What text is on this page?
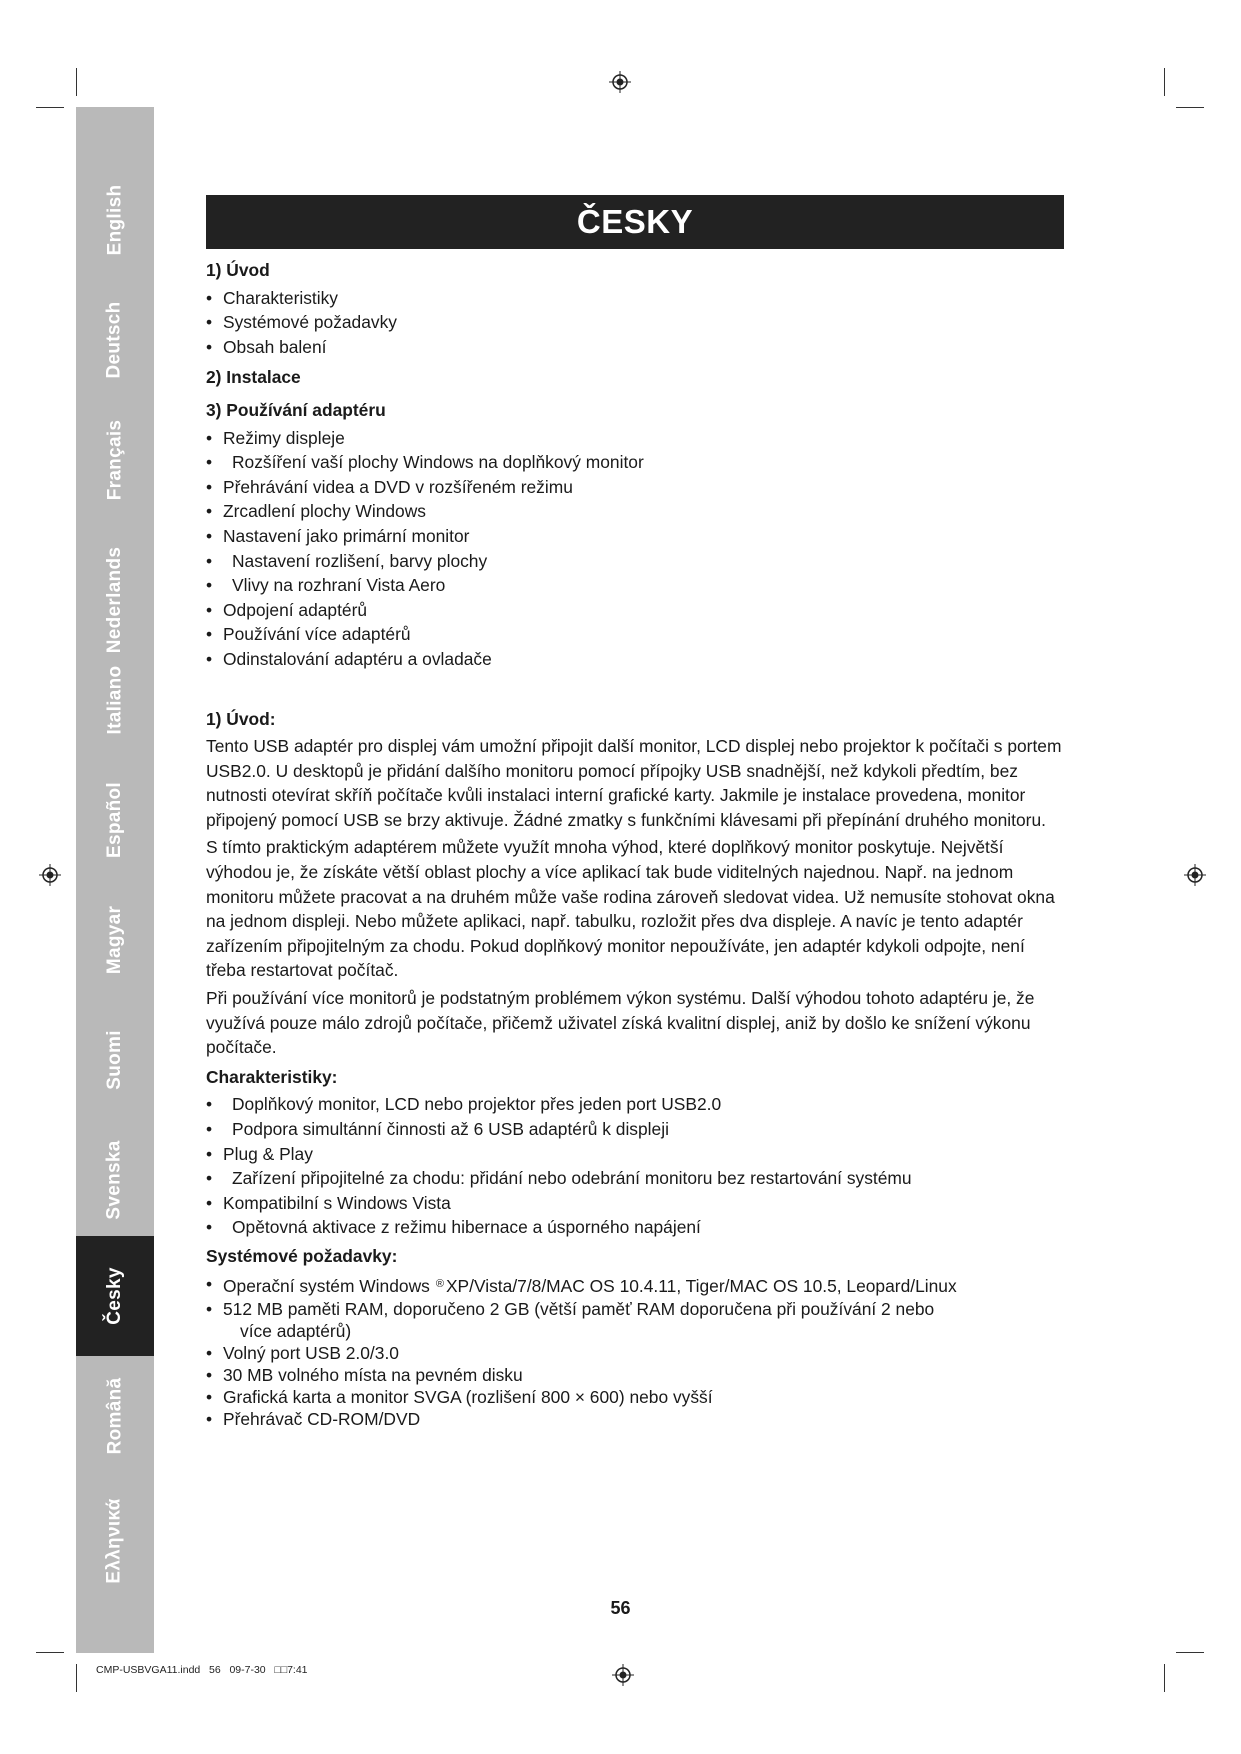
English
Deutsch
Français
Nederlands
Italiano
Español
Magyar
Suomi
Svenska
Česky
Română
Ελληνικά
ČESKY

1) Úvod

• Charakteristiky

• Systémové požadavky

• Obsah balení

2) Instalace

3) Používání adaptéru

• Režimy displeje

• Rozšíření vaší plochy Windows na doplňkový monitor

• Přehrávání videa a DVD v rozšířeném režimu

• Zrcadlení plochy Windows

• Nastavení jako primární monitor

• Nastavení rozlišení, barvy plochy

• Vlivy na rozhraní Vista Aero

• Odpojení adaptérů

• Používání více adaptérů

• Odinstalování adaptéru a ovladače

1) Úvod:

Tento USB adaptér pro displej vám umožní připojit další monitor, LCD displej nebo projektor k počítači s portem USB2.0. U desktopů je přidání dalšího monitoru pomocí přípojky USB snadnější, než kdykoli předtím, bez nutnosti otevírat skříň počítače kvůli instalaci interní grafické karty. Jakmile je instalace provedena, monitor připojený pomocí USB se brzy aktivuje. Žádné zmatky s funkčními klávesami při přepínání druhého monitoru.

S tímto praktickým adaptérem můžete využít mnoha výhod, které doplňkový monitor poskytuje. Největší výhodou je, že získáte větší oblast plochy a více aplikací tak bude viditelných najednou. Např. na jednom monitoru můžete pracovat a na druhém může vaše rodina zároveň sledovat videa. Už nemusíte stohovat okna na jednom displeji. Nebo můžete aplikaci, např. tabulku, rozložit přes dva displeje. A navíc je tento adaptér zařízením připojitelným za chodu. Pokud doplňkový monitor nepoužíváte, jen adaptér kdykoli odpojte, není třeba restartovat počítač.

Při používání více monitorů je podstatným problémem výkon systému. Další výhodou tohoto adaptéru je, že využívá pouze málo zdrojů počítače, přičemž uživatel získá kvalitní displej, aniž by došlo ke snížení výkonu počítače.

Charakteristiky:

• Doplňkový monitor, LCD nebo projektor přes jeden port USB2.0

• Podpora simultánní činnosti až 6 USB adaptérů k displeji

• Plug & Play

• Zařízení připojitelné za chodu: přidání nebo odebrání monitoru bez restartování systému

• Kompatibilní s Windows Vista

• Opětovná aktivace z režimu hibernace a úsporného napájení

Systémové požadavky:

• Operační systém Windows ® XP/Vista/7/8/MAC OS 10.4.11, Tiger/MAC OS 10.5, Leopard/Linux

• 512 MB paměti RAM, doporučeno 2 GB (větší paměť RAM doporučena při používání 2 nebo
více adaptérů)

• Volný port USB 2.0/3.0

• 30 MB volného místa na pevném disku

• Grafická karta a monitor SVGA (rozlišení 800 × 600) nebo vyšší

• Přehrávač CD-ROM/DVD

56
CMP-USBVGA11.indd   56   09-7-30   □□7:41
